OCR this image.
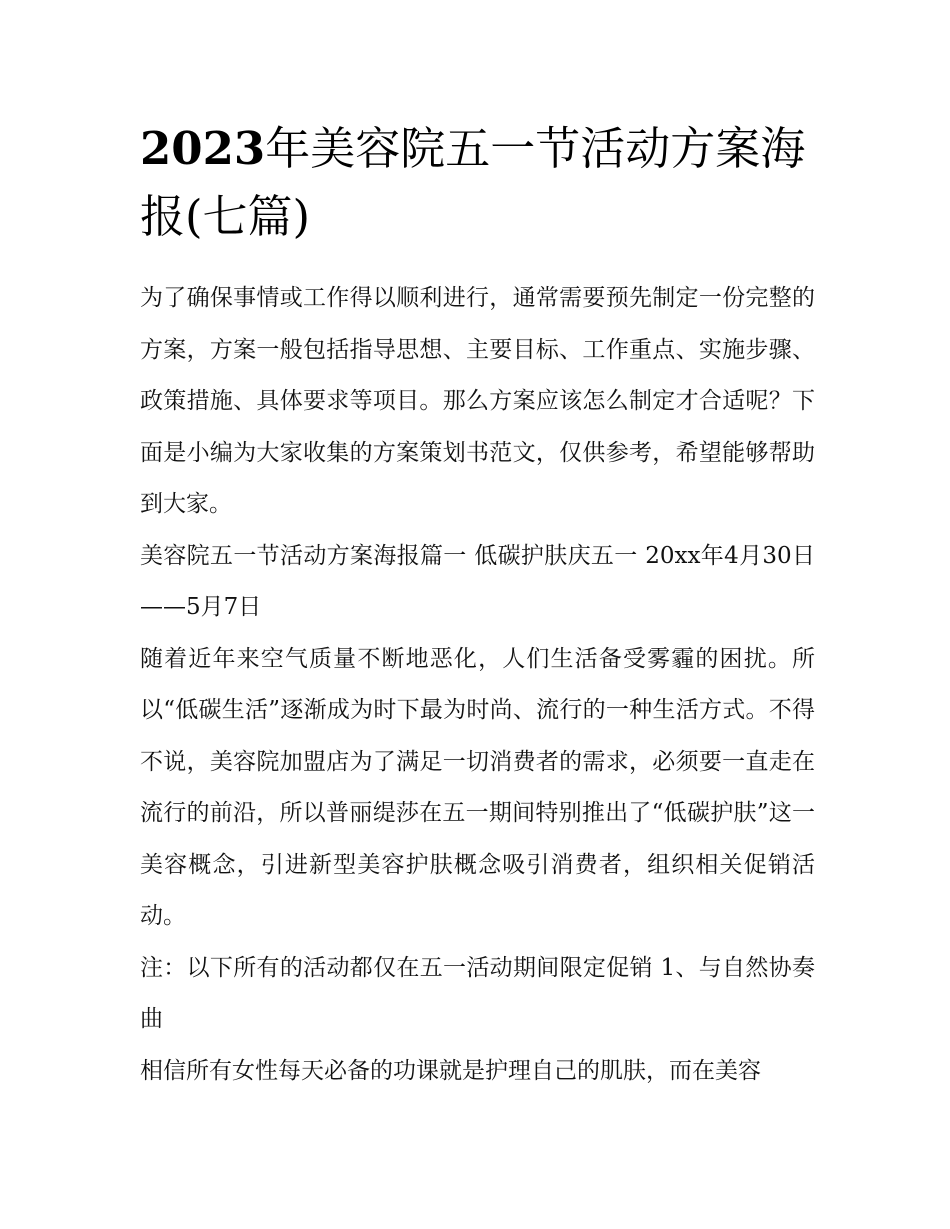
2023年美容院五一节活动方案海报(七篇)

为了确保事情或工作得以顺利进行，通常需要预先制定一份完整的方案，方案一般包括指导思想、主要目标、工作重点、实施步骤、政策措施、具体要求等项目。那么方案应该怎么制定才合适呢？下面是小编为大家收集的方案策划书范文，仅供参考，希望能够帮助到大家。

美容院五一节活动方案海报篇一 低碳护肤庆五一 20xx年4月30日——5月7日

随着近年来空气质量不断地恶化，人们生活备受雾霾的困扰。所以“低碳生活”逐渐成为时下最为时尚、流行的一种生活方式。不得不说，美容院加盟店为了满足一切消费者的需求，必须要一直走在流行的前沿，所以普丽缇莎在五一期间特别推出了“低碳护肤”这一美容概念，引进新型美容护肤概念吸引消费者，组织相关促销活动。

注：以下所有的活动都仅在五一活动期间限定促销 1、与自然协奏曲

相信所有女性每天必备的功课就是护理自己的肌肤，而在美容
